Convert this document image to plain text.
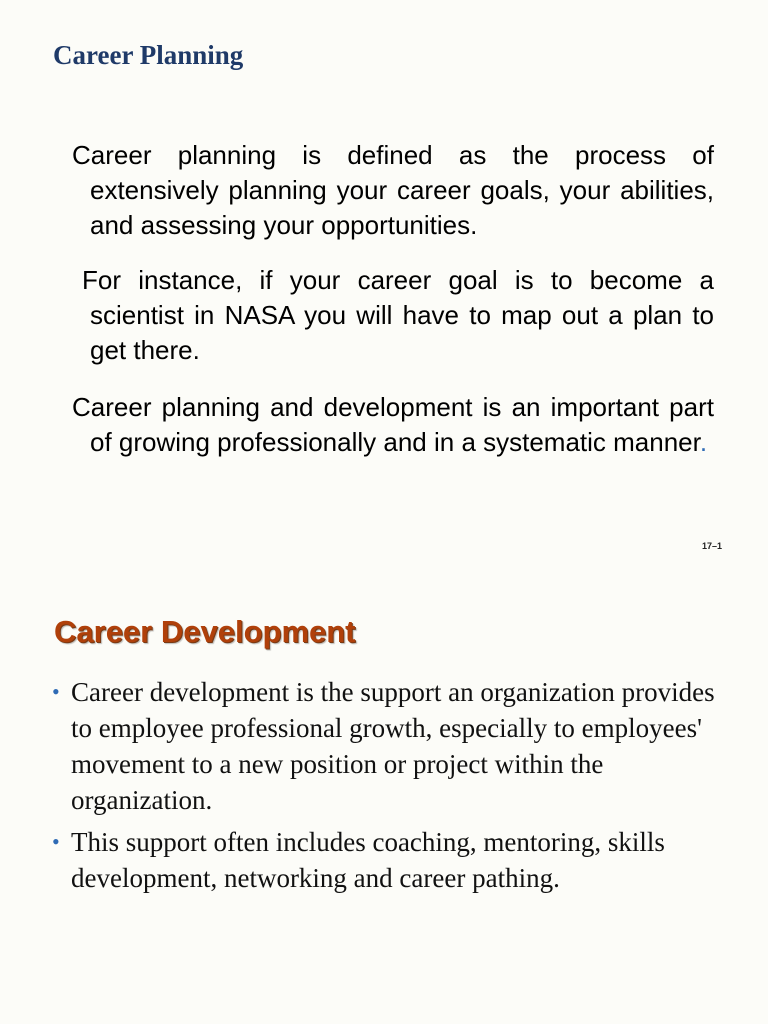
Career Planning

Career planning is defined as the process of extensively planning your career goals, your abilities, and assessing your opportunities.

For instance, if your career goal is to become a scientist in NASA you will have to map out a plan to get there.

Career planning and development is an important part of growing professionally and in a systematic manner.

17–1
Career Development
• Career development is the support an organization provides to employee professional growth, especially to employees' movement to a new position or project within the organization.
• This support often includes coaching, mentoring, skills development, networking and career pathing.
